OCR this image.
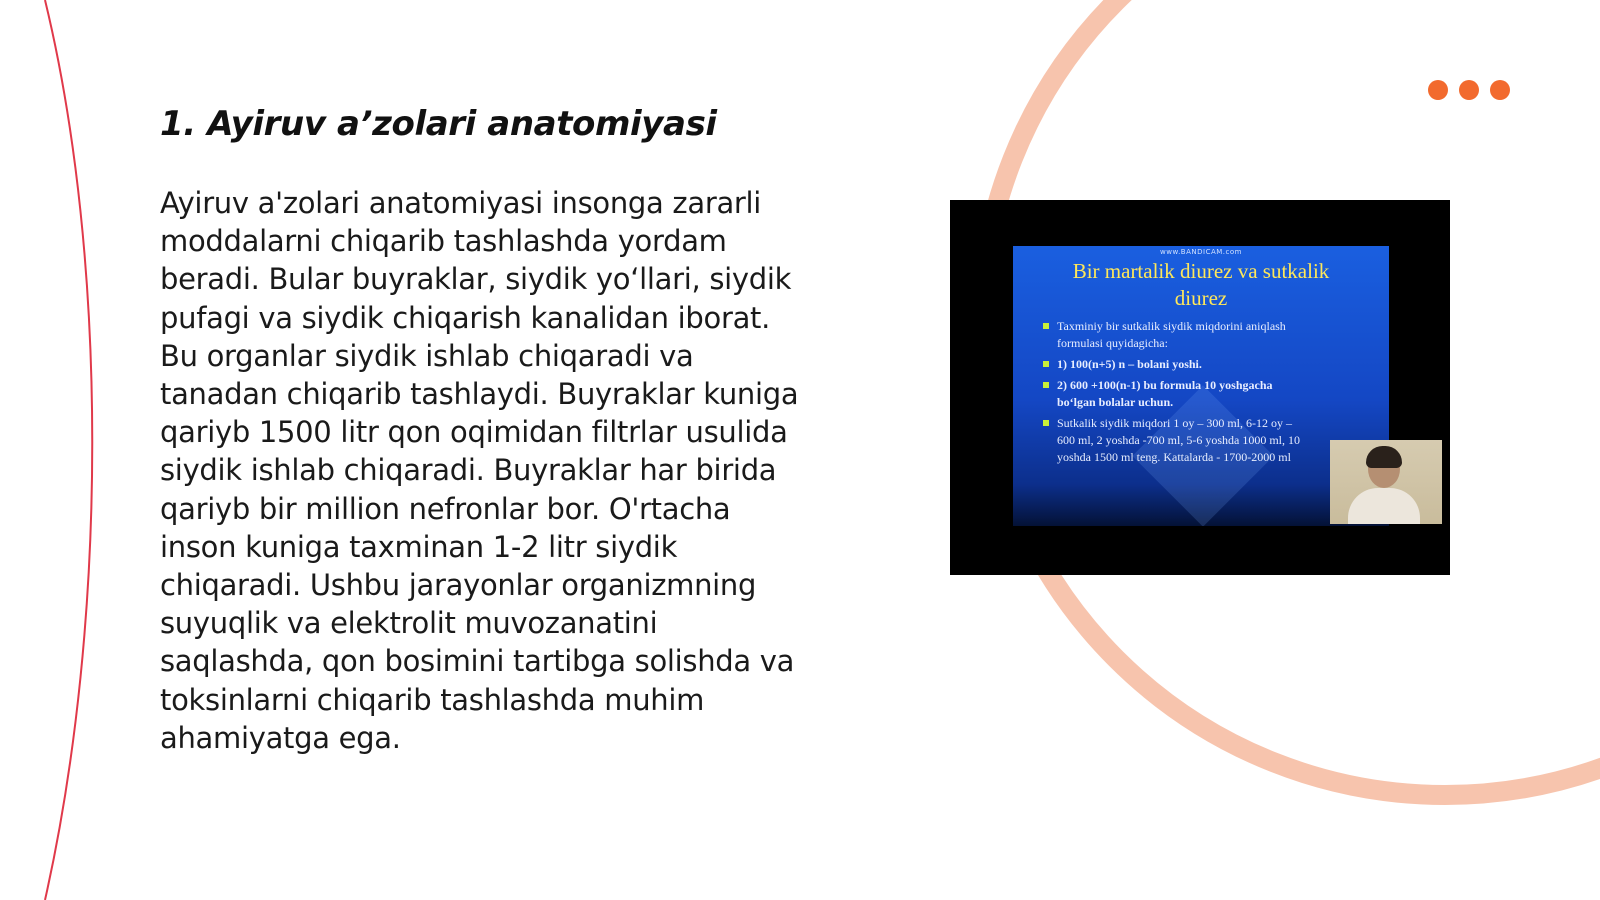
1. Ayiruv a’zolari anatomiyasi

Ayiruv a'zolari anatomiyasi insonga zararli
moddalarni chiqarib tashlashda yordam
beradi. Bular buyraklar, siydik yo‘llari, siydik
pufagi va siydik chiqarish kanalidan iborat.
Bu organlar siydik ishlab chiqaradi va
tanadan chiqarib tashlaydi. Buyraklar kuniga
qariyb 1500 litr qon oqimidan filtrlar usulida
siydik ishlab chiqaradi. Buyraklar har birida
qariyb bir million nefronlar bor. O'rtacha
inson kuniga taxminan 1-2 litr siydik
chiqaradi. Ushbu jarayonlar organizmning
suyuqlik va elektrolit muvozanatini
saqlashda, qon bosimini tartibga solishda va
toksinlarni chiqarib tashlashda muhim
ahamiyatga ega.

www.BANDICAM.com
Bir martalik diurez va sutkalik
diurez
Taxminiy bir sutkalik siydik miqdorini aniqlash
formulasi quyidagicha:
1) 100(n+5) n – bolani yoshi.
2) 600 +100(n-1) bu formula 10 yoshgacha
bo‘lgan bolalar uchun.
Sutkalik siydik miqdori 1 oy – 300 ml, 6-12 oy –
600 ml, 2 yoshda -700 ml, 5-6 yoshda 1000 ml, 10
yoshda 1500 ml teng. Kattalarda - 1700-2000 ml
